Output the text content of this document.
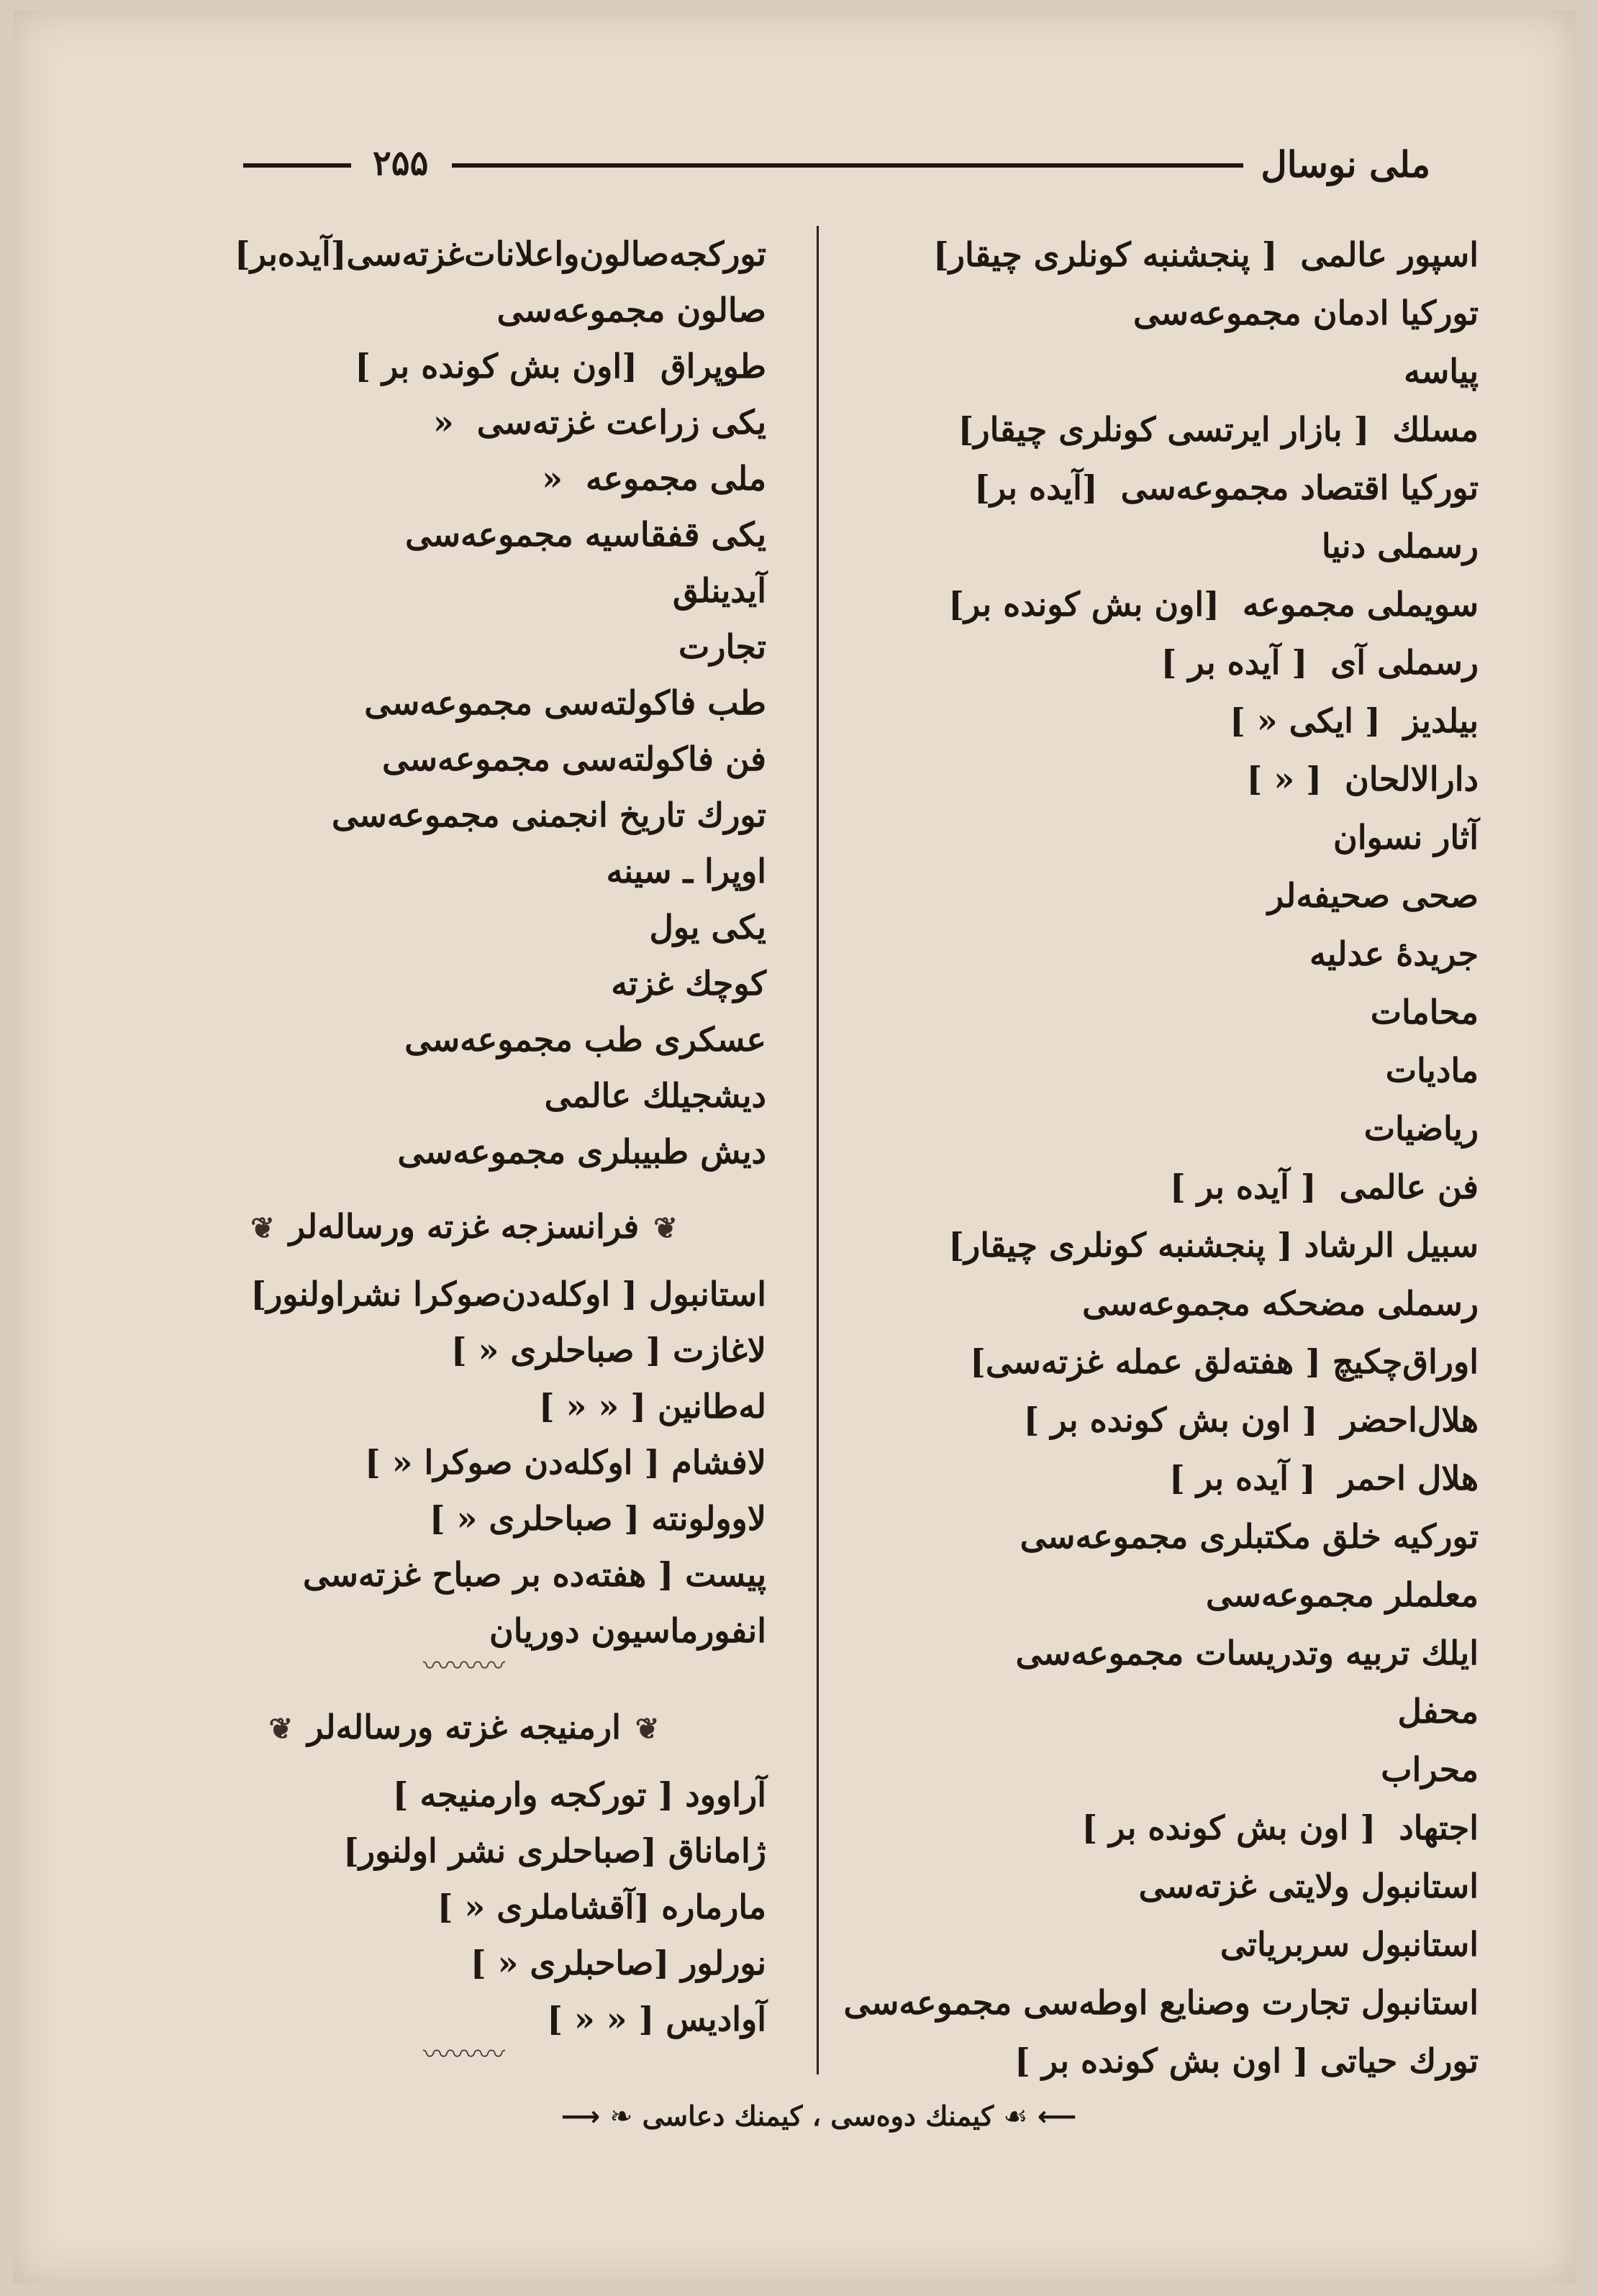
ملی نوسال
۲۵۵
اسپور عالمی ‌ [ پنجشنبه کونلری چیقار]
تورکیا ادمان مجموعه‌سی
پیاسه
مسلك ‌ [ بازار ایرتسی کونلری چیقار]
تورکیا اقتصاد مجموعه‌سی ‌ [آیده بر]
رسملی دنیا
سویملی مجموعه ‌ [اون بش کونده بر]
رسملی آی ‌ [ آیده بر ]
بیلدیز ‌ [ ایکی « ]
دارالالحان ‌ [ « ]
آثار نسوان
صحی صحیفه‌لر
جریدهٔ عدلیه
محامات
مادیات
ریاضیات
فن عالمی ‌ [ آیده بر ]
سبیل الرشاد [ پنجشنبه کونلری چیقار]
رسملی مضحکه مجموعه‌سی
اوراق‌چکیچ [ هفته‌لق عمله غزته‌سی]
هلال‌احضر ‌ [ اون بش کونده بر ]
هلال احمر ‌ [ آیده بر ]
تورکیه خلق مکتبلری مجموعه‌سی
معلملر مجموعه‌سی
ایلك تربیه وتدریسات مجموعه‌سی
محفل
محراب
اجتهاد ‌ [ اون بش کونده بر ]
استانبول ولایتی غزته‌سی
استانبول سربریاتی
استانبول تجارت وصنایع اوطه‌سی مجموعه‌سی
تورك حیاتی [ اون بش کونده بر ]
تورکجه‌صالون‌واعلانات‌غزته‌سی[آیده‌بر]
صالون مجموعه‌سی
طوپراق ‌ [اون بش کونده بر ]
یکی زراعت غزته‌سی ‌ «
ملی مجموعه ‌ «
یکی قفقاسیه مجموعه‌سی
آیدینلق
تجارت
طب فاکولته‌سی مجموعه‌سی
فن فاکولته‌سی مجموعه‌سی
تورك تاریخ انجمنی مجموعه‌سی
اوپرا ـ سینه
یکی یول
کوچك غزته
عسکری طب مجموعه‌سی
دیشجیلك عالمی
دیش طبیبلری مجموعه‌سی
❦فرانسزجه غزته ورساله‌لر❦
استانبول [ اوکله‌دن‌صوکرا نشراولنور]
لاغازت [ صباحلری « ]
لەطانین [ « « ]
لافشام [ اوکله‌دن صوکرا « ]
لاوولونته [ صباحلری « ]
پیست [ هفته‌ده بر صباح غزته‌سی
انفورماسیون دوریان
〰〰〰
❦ارمنیجه غزته ورساله‌لر❦
آراوود [ تورکجه وارمنیجه ]
ژاماناق [صباحلری نشر اولنور]
مارماره [آقشاملری « ]
نورلور [صاحبلری « ]
آوادیس [ « « ]
〰〰〰
⟵ ☙ کیمنك دوه‌سی ، کیمنك دعاسی ❧ ⟶
